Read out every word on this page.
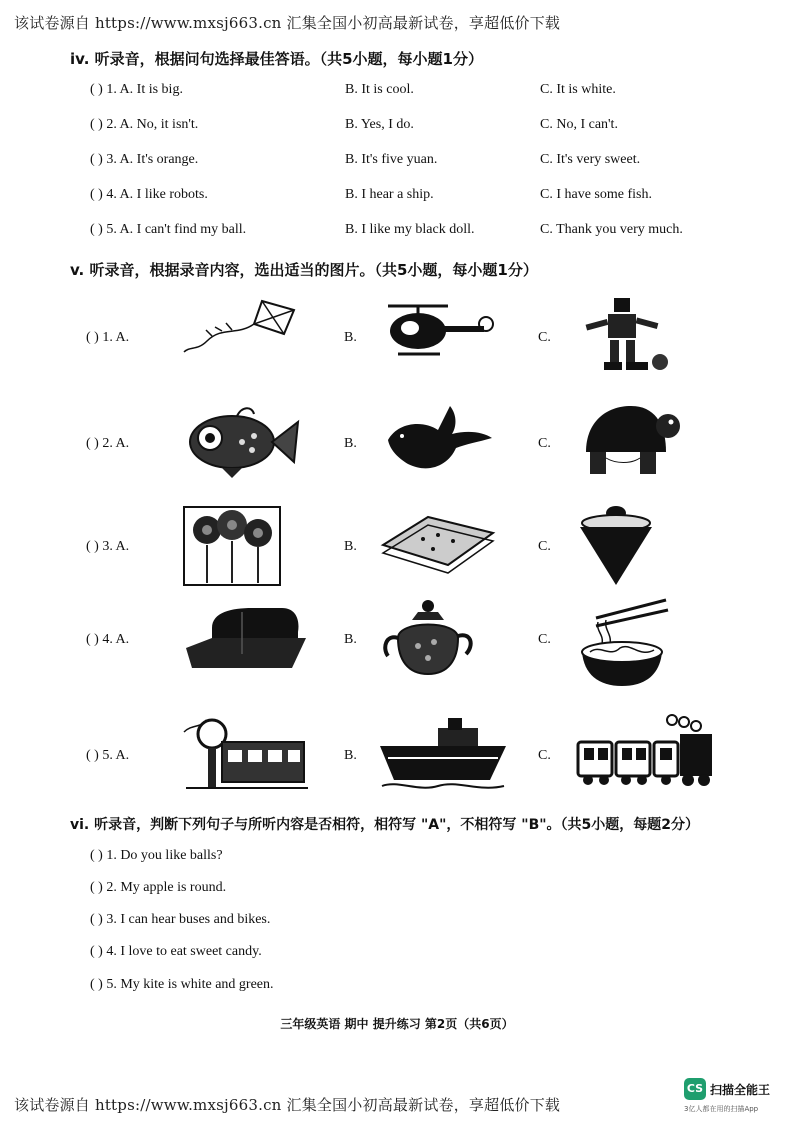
该试卷源自 https://www.mxsj663.cn 汇集全国小初高最新试卷，享超低价下载
iv. 听录音，根据问句选择最佳答语。（共5小题，每小题1分）
( ) 1. A. It is big.	B. It is cool.	C. It is white.
( ) 2. A. No, it isn't.	B. Yes, I do.	C. No, I can't.
( ) 3. A. It's orange.	B. It's five yuan.	C. It's very sweet.
( ) 4. A. I like robots.	B. I hear a ship.	C. I have some fish.
( ) 5. A. I can't find my ball.	B. I like my black doll.	C. Thank you very much.
v. 听录音，根据录音内容，选出适当的图片。（共5小题，每小题1分）
( ) 1. A.	B.	C.
( ) 2. A.	B.	C.
( ) 3. A.	B.	C.
( ) 4. A.	B.	C.
( ) 5. A.	B.	C.
vi. 听录音，判断下列句子与所听内容是否相符，相符写 "A"，不相符写 "B"。（共5小题，每题2分）
( ) 1. Do you like balls?
( ) 2. My apple is round.
( ) 3. I can hear buses and bikes.
( ) 4. I love to eat sweet candy.
( ) 5. My kite is white and green.
三年级英语 期中 提升练习 第2页（共6页）
该试卷源自 https://www.mxsj663.cn 汇集全国小初高最新试卷，享超低价下载
CS 扫描全能王
3亿人都在用的扫描App
